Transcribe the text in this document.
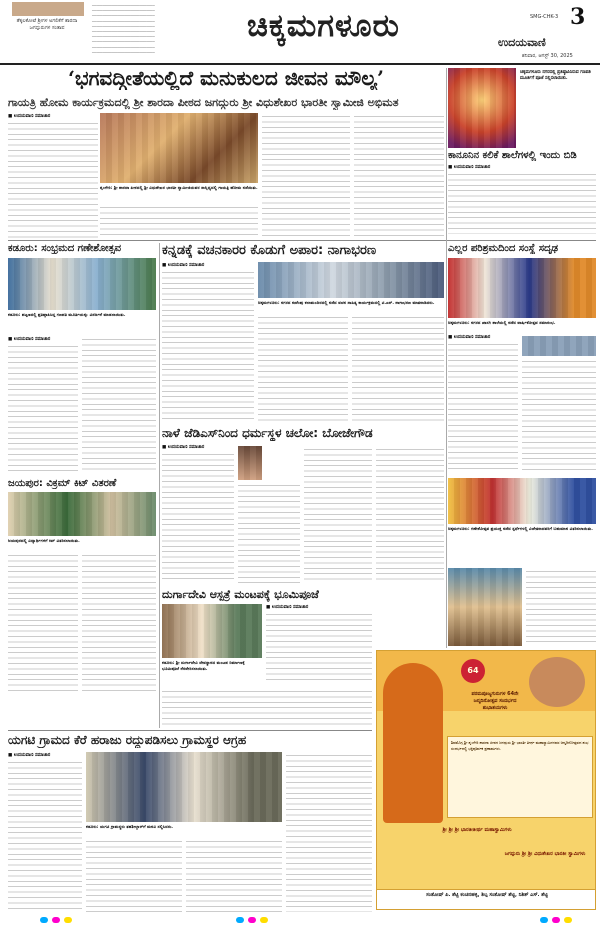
ತೆಕ್ಕಲಕೋಟೆ ಶ್ರೀಗಳ ಅಗಲಿಕೆಗೆ ಶಾರದಾ ಜಗದ್ಗುರುಗಳ ಸಂತಾಪ
─────────────────────────────
─────────────────────────────
─────────────────────────────
─────────────────────────────
─────────────────────────────
─────────────────────────────
─────────────────────────────
─────────────────────────────
─────────────────────────────
─────────────────────────────
ಚಿಕ್ಕಮಗಳೂರು	SMG-CHK-3 3
ಉದಯವಾಣಿ
ಶನಿವಾರ, ಆಗಸ್ಟ್ 30, 2025
‘ಭಗವದ್ಗೀತೆಯಲ್ಲಿದೆ ಮನುಕುಲದ ಜೀವನ ಮೌಲ್ಯ’
ಗಾಯತ್ರಿ ಹೋಮ ಕಾರ್ಯಕ್ರಮದಲ್ಲಿ ಶ್ರೀ ಶಾರದಾ ಪೀಠದ ಜಗದ್ಗುರು ಶ್ರೀ ವಿಧುಶೇಖರ ಭಾರತೀ ಸ್ವಾಮೀಜಿ ಅಭಿಮತ
■ ಉದಯವಾಣಿ ಸಮಾಚಾರ
ಶೃಂಗೇರಿ: ಶ್ರೀ ಶಾರದಾ ಪೀಠದಲ್ಲಿ ಶ್ರೀ ವಿಧುಶೇಖರ ಭಾರತೀ ಸ್ವಾಮೀಜಿಯವರ ಸಾನ್ನಿಧ್ಯದಲ್ಲಿ ಗಾಯತ್ರಿ ಹೋಮ ನಡೆಯಿತು.
ಚಿಕ್ಕಮಗಳೂರು ನಗರದಲ್ಲಿ ಪ್ರತಿಷ್ಠಾಪಿಸಿರುವ ಗಣಪತಿ ಮೂರ್ತಿಗೆ ಪೂಜೆ ಸಲ್ಲಿಸಲಾಯಿತು.
ಕಾನೂನಿನ ಕಲಿಕೆ ಶಾಲೆಗಳಲ್ಲಿ ಇಂದು ಬಿಡಿ
■ ಉದಯವಾಣಿ ಸಮಾಚಾರ
ಕಡೂರು: ಸಂಭ್ರಮದ ಗಣೇಶೋತ್ಸವ
ಕಡೂರು: ಪಟ್ಟಣದಲ್ಲಿ ಪ್ರತಿಷ್ಠಾಪಿಸಿದ್ದ ಗಣಪತಿ ಮೂರ್ತಿಯನ್ನು ವಿಸರ್ಜನೆ ಮಾಡಲಾಯಿತು.
■ ಉದಯವಾಣಿ ಸಮಾಚಾರ
ಕನ್ನಡಕ್ಕೆ ವಚನಕಾರರ ಕೊಡುಗೆ ಅಪಾರ: ನಾಗಾಭರಣ
■ ಉದಯವಾಣಿ ಸಮಾಚಾರ
ಚಿಕ್ಕಮಗಳೂರು: ನಗರದ ಕುವೆಂಪು ಕಲಾಮಂದಿರದಲ್ಲಿ ನಡೆದ ವಚನ ಸಾಹಿತ್ಯ ಕಾರ್ಯಕ್ರಮದಲ್ಲಿ ಟಿ.ಎಸ್. ನಾಗಾಭರಣ ಮಾತನಾಡಿದರು.
ಎಲ್ಲರ ಪರಿಶ್ರಮದಿಂದ ಸಂಸ್ಥೆ ಸದೃಢ
ಚಿಕ್ಕಮಗಳೂರು: ನಗರದ ಖಾಸಗಿ ಶಾಲೆಯಲ್ಲಿ ನಡೆದ ವಾರ್ಷಿಕೋತ್ಸವ ಸಮಾರಂಭ.
■ ಉದಯವಾಣಿ ಸಮಾಚಾರ
ನಾಳೆ ಜೆಡಿಎಸ್‌ನಿಂದ ಧರ್ಮಸ್ಥಳ ಚಲೋ: ಬೋಜೇಗೌಡ
■ ಉದಯವಾಣಿ ಸಮಾಚಾರ
ಜಯಪುರ: ವಿಕ್ರಮ್ ಕಿಟ್ ವಿತರಣೆ
ಜಯಪುರದಲ್ಲಿ ವಿದ್ಯಾರ್ಥಿಗಳಿಗೆ ಕಿಟ್ ವಿತರಿಸಲಾಯಿತು.
ಚಿಕ್ಕಮಗಳೂರು: ಗಣೇಶೋತ್ಸವ ಪ್ರಯುಕ್ತ ನಡೆದ ಸ್ಪರ್ಧೆಗಳಲ್ಲಿ ವಿಜೇತರಾದವರಿಗೆ ಬಹುಮಾನ ವಿತರಿಸಲಾಯಿತು.
ದುರ್ಗಾದೇವಿ ಆಸ್ಪತ್ರೆ ಮಂಟಪಕ್ಕೆ ಭೂಮಿಪೂಜೆ
ಕಡೂರು: ಶ್ರೀ ದುರ್ಗಾದೇವಿ ದೇವಸ್ಥಾನದ ಮಂಟಪ ನಿರ್ಮಾಣಕ್ಕೆ ಭೂಮಿಪೂಜೆ ನೆರವೇರಿಸಲಾಯಿತು.
■ ಉದಯವಾಣಿ ಸಮಾಚಾರ
ಯಗಟಿ ಗ್ರಾಮದ ಕೆರೆ ಹರಾಜು ರದ್ದುಪಡಿಸಲು ಗ್ರಾಮಸ್ಥರ ಆಗ್ರಹ
■ ಉದಯವಾಣಿ ಸಮಾಚಾರ
ಕಡೂರು: ಯಗಟಿ ಗ್ರಾಮಸ್ಥರು ತಹಶೀಲ್ದಾರ್‌ಗೆ ಮನವಿ ಸಲ್ಲಿಸಿದರು.
64
ಪರಮಪೂಜ್ಯಗುರುಗಳ 64ನೇ ಜನ್ಮದಿನೋತ್ಸವ ಸಂದರ್ಭದ ಶುಭಾಶಯಗಳು
ಶಿವಮೊಗ್ಗ ಶ್ರೀ ಶೃಂಗೇರಿ ಶಾರದಾ ಪೀಠದ ಜಗದ್ಗುರು ಶ್ರೀ ಭಾರತೀ ತೀರ್ಥ ಮಹಾಸ್ವಾಮಿಗಳವರ ಜನ್ಮದಿನೋತ್ಸವದ ಶುಭ ಸಂದರ್ಭದಲ್ಲಿ ಭಕ್ತಿಪೂರ್ವಕ ಪ್ರಣಾಮಗಳು.
ಶ್ರೀ ಶ್ರೀ ಶ್ರೀ ಭಾರತೀತೀರ್ಥ ಮಹಾಸ್ವಾಮಿಗಳು
ಜಗದ್ಗುರು ಶ್ರೀ ಶ್ರೀ ವಿಧುಶೇಖರ ಭಾರತೀ ಸ್ವಾಮಿಗಳು
ಸಂತೋಷ್ ಪಿ. ಶೆಟ್ಟಿ ಕಂಚನಹಳ್ಳಿ, ಶಿಲ್ಪ ಸಂತೋಷ್ ಶೆಟ್ಟಿ, ನಿಶಿತ್ ಎಸ್. ಶೆಟ್ಟಿ
